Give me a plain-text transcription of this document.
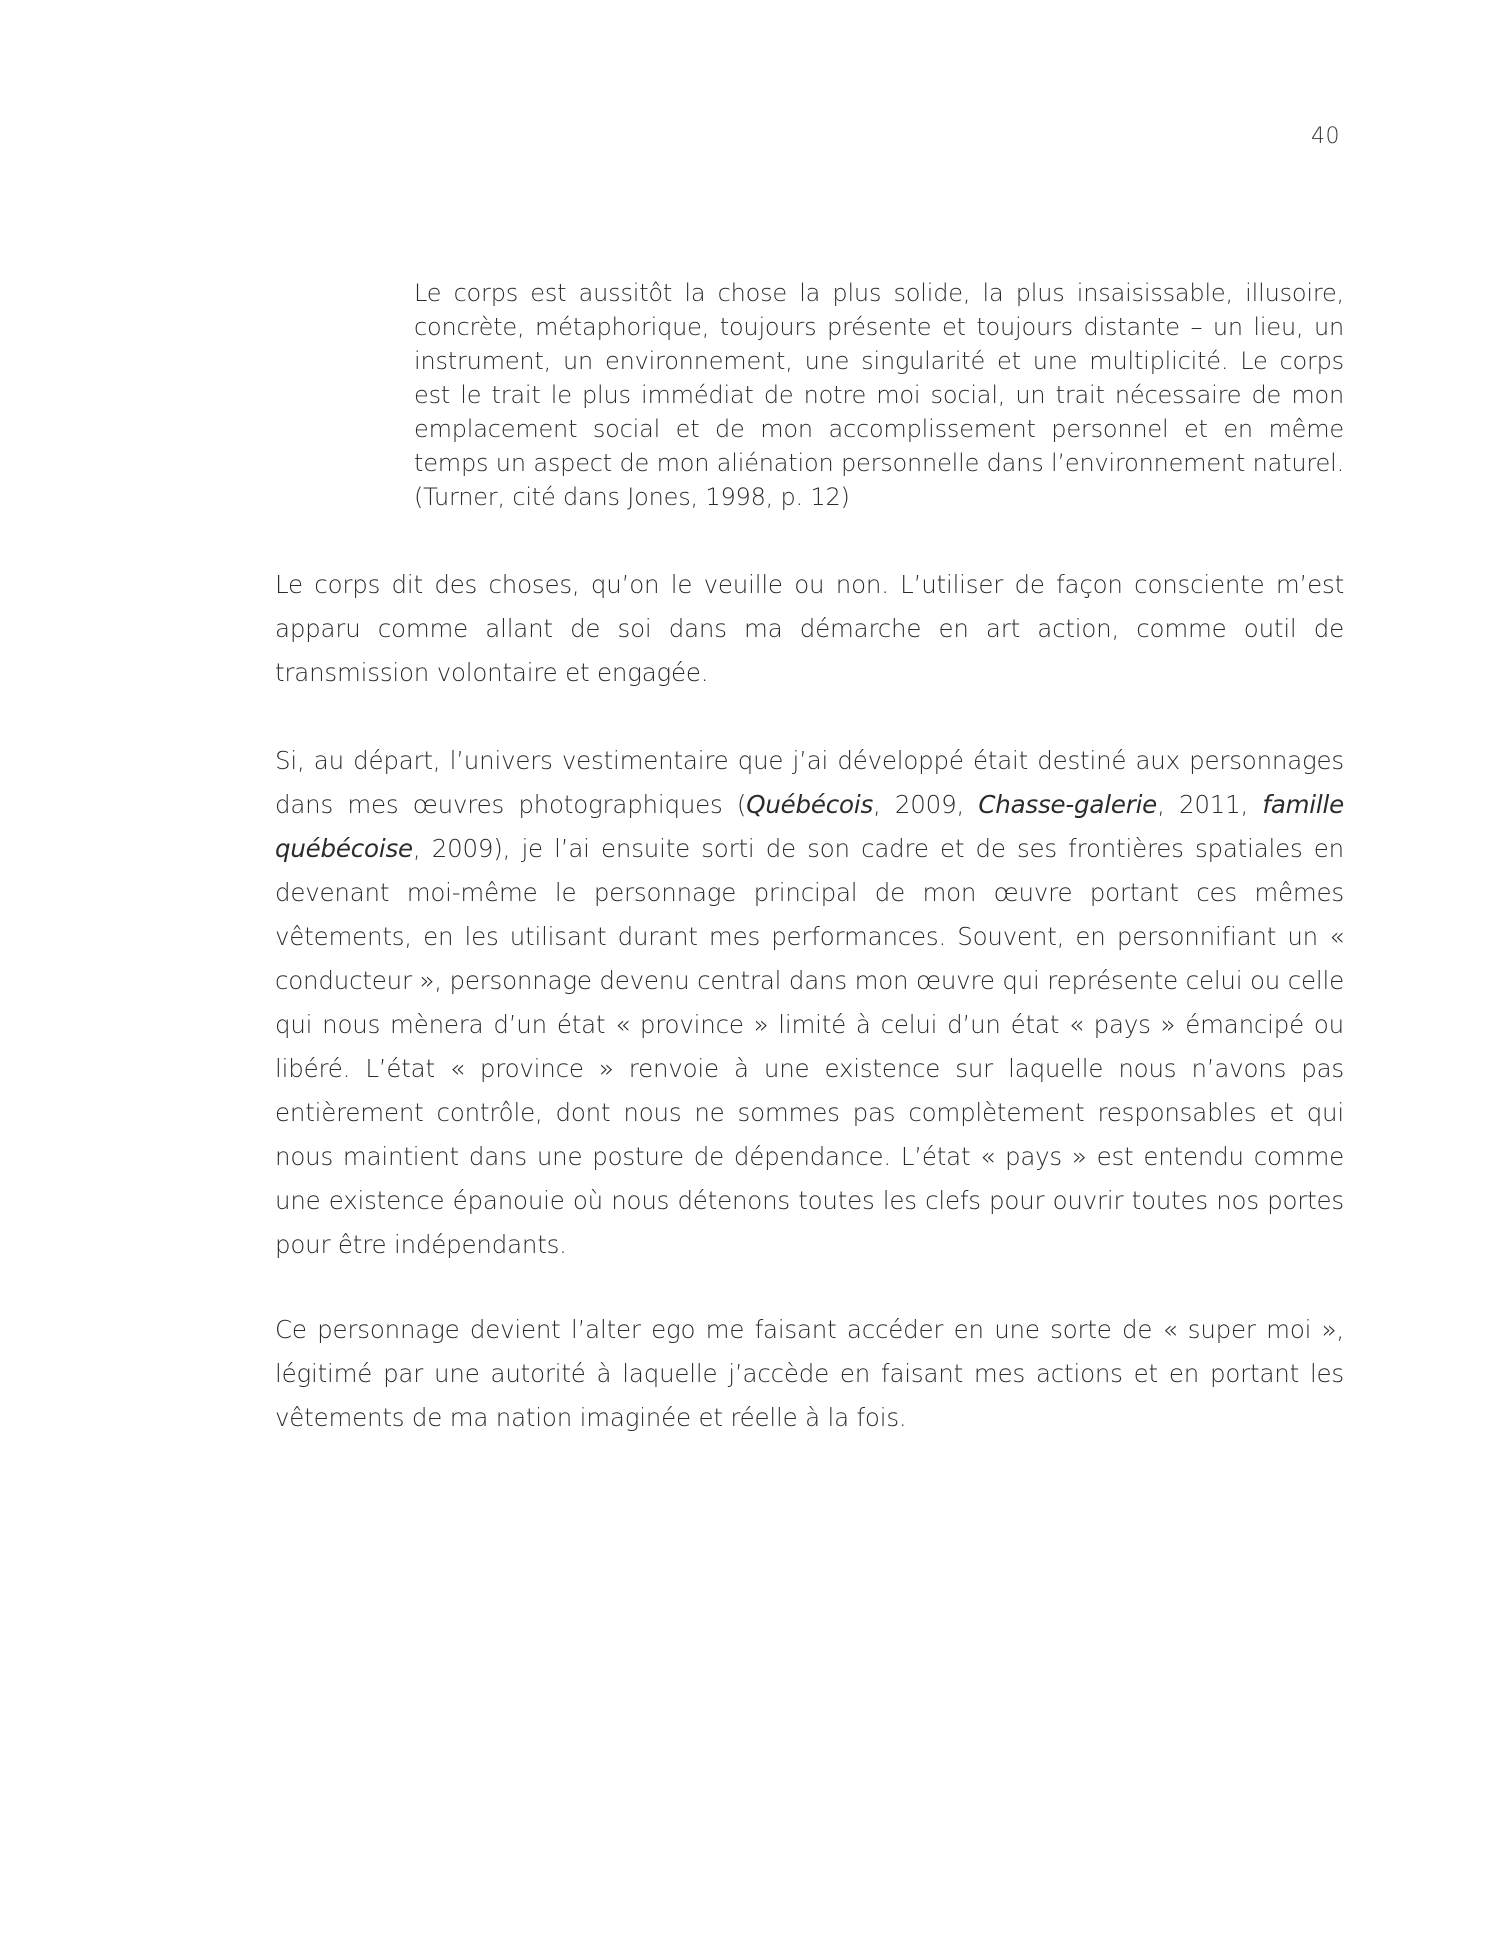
40

Le corps est aussitôt la chose la plus solide, la plus insaisissable, illusoire, concrète, métaphorique, toujours présente et toujours distante – un lieu, un instrument, un environnement, une singularité et une multiplicité. Le corps est le trait le plus immédiat de notre moi social, un trait nécessaire de mon emplacement social et de mon accomplissement personnel et en même temps un aspect de mon aliénation personnelle dans l’environnement naturel. (Turner, cité dans Jones, 1998, p. 12)

Le corps dit des choses, qu’on le veuille ou non. L’utiliser de façon consciente m’est apparu comme allant de soi dans ma démarche en art action, comme outil de transmission volontaire et engagée.

Si, au départ, l’univers vestimentaire que j’ai développé était destiné aux personnages dans mes œuvres photographiques (Québécois, 2009, Chasse-galerie, 2011, famille québécoise, 2009), je l’ai ensuite sorti de son cadre et de ses frontières spatiales en devenant moi-même le personnage principal de mon œuvre portant ces mêmes vêtements, en les utilisant durant mes performances. Souvent, en personnifiant un « conducteur », personnage devenu central dans mon œuvre qui représente celui ou celle qui nous mènera d’un état « province » limité à celui d’un état « pays » émancipé ou libéré. L’état « province » renvoie à une existence sur laquelle nous n’avons pas entièrement contrôle, dont nous ne sommes pas complètement responsables et qui nous maintient dans une posture de dépendance. L’état « pays » est entendu comme une existence épanouie où nous détenons toutes les clefs pour ouvrir toutes nos portes pour être indépendants.

Ce personnage devient l’alter ego me faisant accéder en une sorte de « super moi », légitimé par une autorité à laquelle j’accède en faisant mes actions et en portant les vêtements de ma nation imaginée et réelle à la fois.
